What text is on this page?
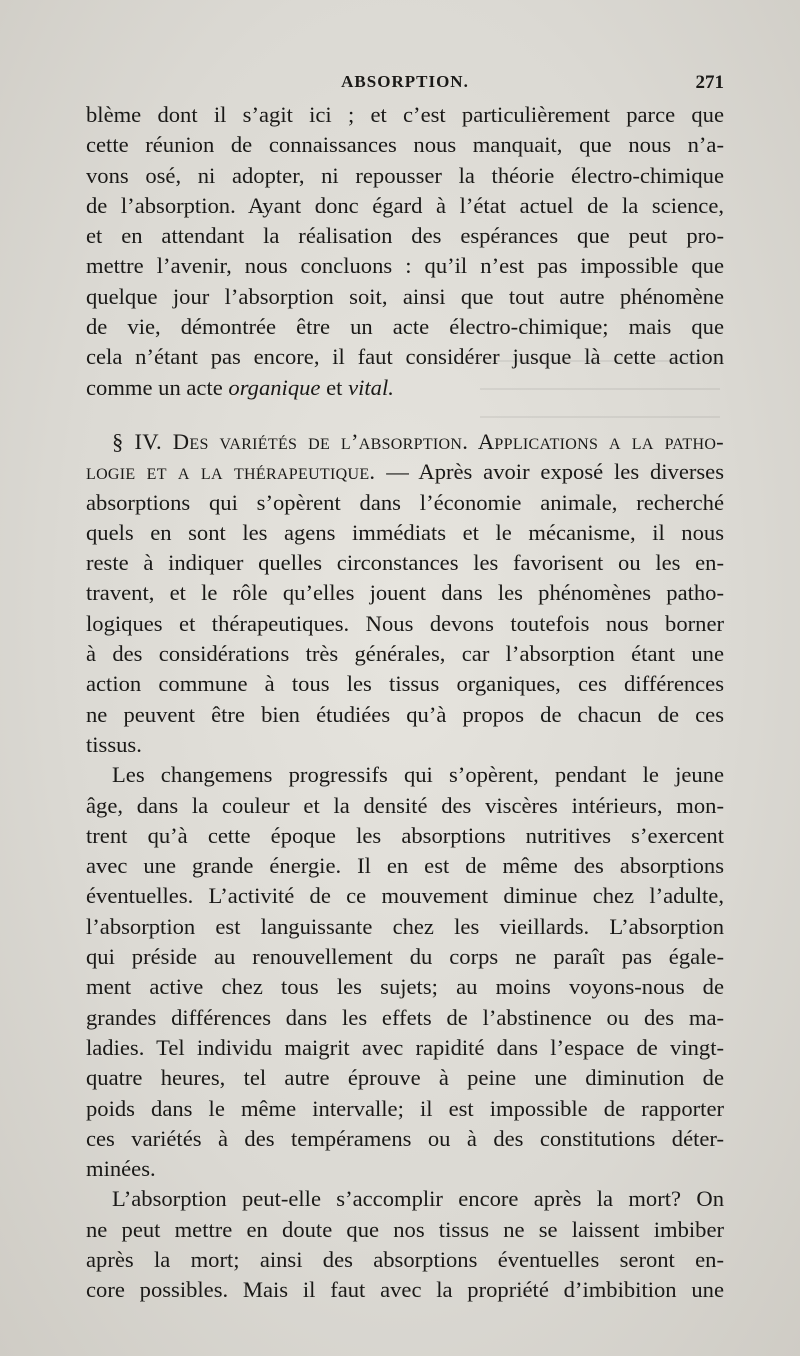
ABSORPTION.	271
blème dont il s’agit ici ; et c’est particulièrement parce que
cette réunion de connaissances nous manquait, que nous n’a-
vons osé, ni adopter, ni repousser la théorie électro-chimique
de l’absorption. Ayant donc égard à l’état actuel de la science,
et en attendant la réalisation des espérances que peut pro-
mettre l’avenir, nous concluons : qu’il n’est pas impossible que
quelque jour l’absorption soit, ainsi que tout autre phénomène
de vie, démontrée être un acte électro-chimique; mais que
cela n’étant pas encore, il faut considérer jusque là cette action
comme un acte organique et vital.
§ IV. Des variétés de l’absorption. Applications a la patho-
logie et a la thérapeutique. — Après avoir exposé les diverses
absorptions qui s’opèrent dans l’économie animale, recherché
quels en sont les agens immédiats et le mécanisme, il nous
reste à indiquer quelles circonstances les favorisent ou les en-
travent, et le rôle qu’elles jouent dans les phénomènes patho-
logiques et thérapeutiques. Nous devons toutefois nous borner
à des considérations très générales, car l’absorption étant une
action commune à tous les tissus organiques, ces différences
ne peuvent être bien étudiées qu’à propos de chacun de ces
tissus.
Les changemens progressifs qui s’opèrent, pendant le jeune
âge, dans la couleur et la densité des viscères intérieurs, mon-
trent qu’à cette époque les absorptions nutritives s’exercent
avec une grande énergie. Il en est de même des absorptions
éventuelles. L’activité de ce mouvement diminue chez l’adulte,
l’absorption est languissante chez les vieillards. L’absorption
qui préside au renouvellement du corps ne paraît pas égale-
ment active chez tous les sujets; au moins voyons-nous de
grandes différences dans les effets de l’abstinence ou des ma-
ladies. Tel individu maigrit avec rapidité dans l’espace de vingt-
quatre heures, tel autre éprouve à peine une diminution de
poids dans le même intervalle; il est impossible de rapporter
ces variétés à des tempéramens ou à des constitutions déter-
minées.
L’absorption peut-elle s’accomplir encore après la mort? On
ne peut mettre en doute que nos tissus ne se laissent imbiber
après la mort; ainsi des absorptions éventuelles seront en-
core possibles. Mais il faut avec la propriété d’imbibition une
